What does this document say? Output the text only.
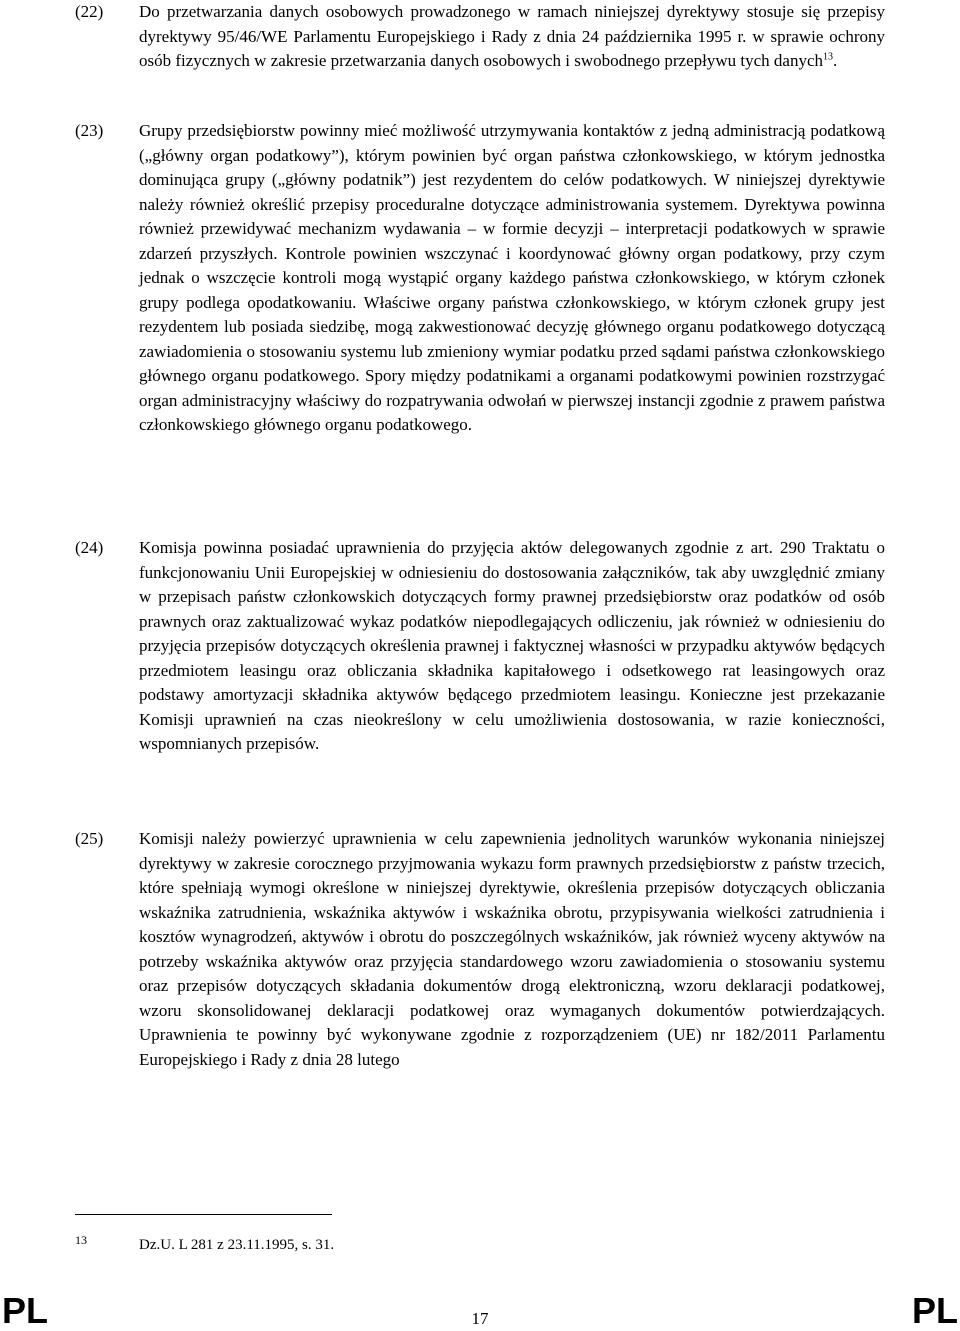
(22) Do przetwarzania danych osobowych prowadzonego w ramach niniejszej dyrektywy stosuje się przepisy dyrektywy 95/46/WE Parlamentu Europejskiego i Rady z dnia 24 października 1995 r. w sprawie ochrony osób fizycznych w zakresie przetwarzania danych osobowych i swobodnego przepływu tych danych$^{13}$.

(23) Grupy przedsiębiorstw powinny mieć możliwość utrzymywania kontaktów z jedną administracją podatkową („główny organ podatkowy”), którym powinien być organ państwa członkowskiego, w którym jednostka dominująca grupy („główny podatnik”) jest rezydentem do celów podatkowych. W niniejszej dyrektywie należy również określić przepisy proceduralne dotyczące administrowania systemem. Dyrektywa powinna również przewidywać mechanizm wydawania – w formie decyzji – interpretacji podatkowych w sprawie zdarzeń przyszłych. Kontrole powinien wszczynać i koordynować główny organ podatkowy, przy czym jednak o wszczęcie kontroli mogą wystąpić organy każdego państwa członkowskiego, w którym członek grupy podlega opodatkowaniu. Właściwe organy państwa członkowskiego, w którym członek grupy jest rezydentem lub posiada siedzibę, mogą zakwestionować decyzję głównego organu podatkowego dotyczącą zawiadomienia o stosowaniu systemu lub zmieniony wymiar podatku przed sądami państwa członkowskiego głównego organu podatkowego. Spory między podatnikami a organami podatkowymi powinien rozstrzygać organ administracyjny właściwy do rozpatrywania odwołań w pierwszej instancji zgodnie z prawem państwa członkowskiego głównego organu podatkowego.

(24) Komisja powinna posiadać uprawnienia do przyjęcia aktów delegowanych zgodnie z art. 290 Traktatu o funkcjonowaniu Unii Europejskiej w odniesieniu do dostosowania załączników, tak aby uwzględnić zmiany w przepisach państw członkowskich dotyczących formy prawnej przedsiębiorstw oraz podatków od osób prawnych oraz zaktualizować wykaz podatków niepodlegających odliczeniu, jak również w odniesieniu do przyjęcia przepisów dotyczących określenia prawnej i faktycznej własności w przypadku aktywów będących przedmiotem leasingu oraz obliczania składnika kapitałowego i odsetkowego rat leasingowych oraz podstawy amortyzacji składnika aktywów będącego przedmiotem leasingu. Konieczne jest przekazanie Komisji uprawnień na czas nieokreślony w celu umożliwienia dostosowania, w razie konieczności, wspomnianych przepisów.

(25) Komisji należy powierzyć uprawnienia w celu zapewnienia jednolitych warunków wykonania niniejszej dyrektywy w zakresie corocznego przyjmowania wykazu form prawnych przedsiębiorstw z państw trzecich, które spełniają wymogi określone w niniejszej dyrektywie, określenia przepisów dotyczących obliczania wskaźnika zatrudnienia, wskaźnika aktywów i wskaźnika obrotu, przypisywania wielkości zatrudnienia i kosztów wynagrodzeń, aktywów i obrotu do poszczególnych wskaźników, jak również wyceny aktywów na potrzeby wskaźnika aktywów oraz przyjęcia standardowego wzoru zawiadomienia o stosowaniu systemu oraz przepisów dotyczących składania dokumentów drogą elektroniczną, wzoru deklaracji podatkowej, wzoru skonsolidowanej deklaracji podatkowej oraz wymaganych dokumentów potwierdzających. Uprawnienia te powinny być wykonywane zgodnie z rozporządzeniem (UE) nr 182/2011 Parlamentu Europejskiego i Rady z dnia 28 lutego

13	Dz.U. L 281 z 23.11.1995, s. 31.
PL	17	PL
